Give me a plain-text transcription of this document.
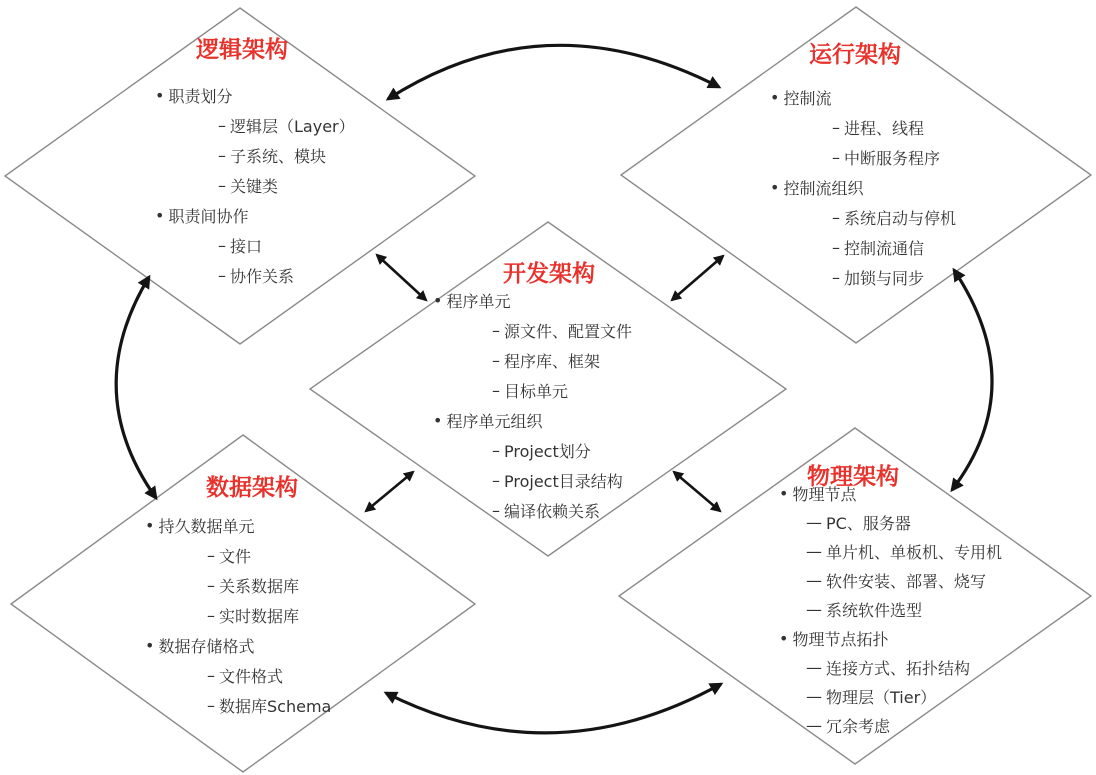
逻辑架构
• 职责划分
– 逻辑层（Layer）
– 子系统、模块
– 关键类
• 职责间协作
– 接口
– 协作关系
运行架构
• 控制流
– 进程、线程
– 中断服务程序
• 控制流组织
– 系统启动与停机
– 控制流通信
– 加锁与同步
开发架构
• 程序单元
– 源文件、配置文件
– 程序库、框架
– 目标单元
• 程序单元组织
– Project划分
– Project目录结构
– 编译依赖关系
数据架构
• 持久数据单元
– 文件
– 关系数据库
– 实时数据库
• 数据存储格式
– 文件格式
– 数据库Schema
物理架构
• 物理节点
— PC、服务器
— 单片机、单板机、专用机
— 软件安装、部署、烧写
— 系统软件选型
• 物理节点拓扑
— 连接方式、拓扑结构
— 物理层（Tier）
— 冗余考虑
